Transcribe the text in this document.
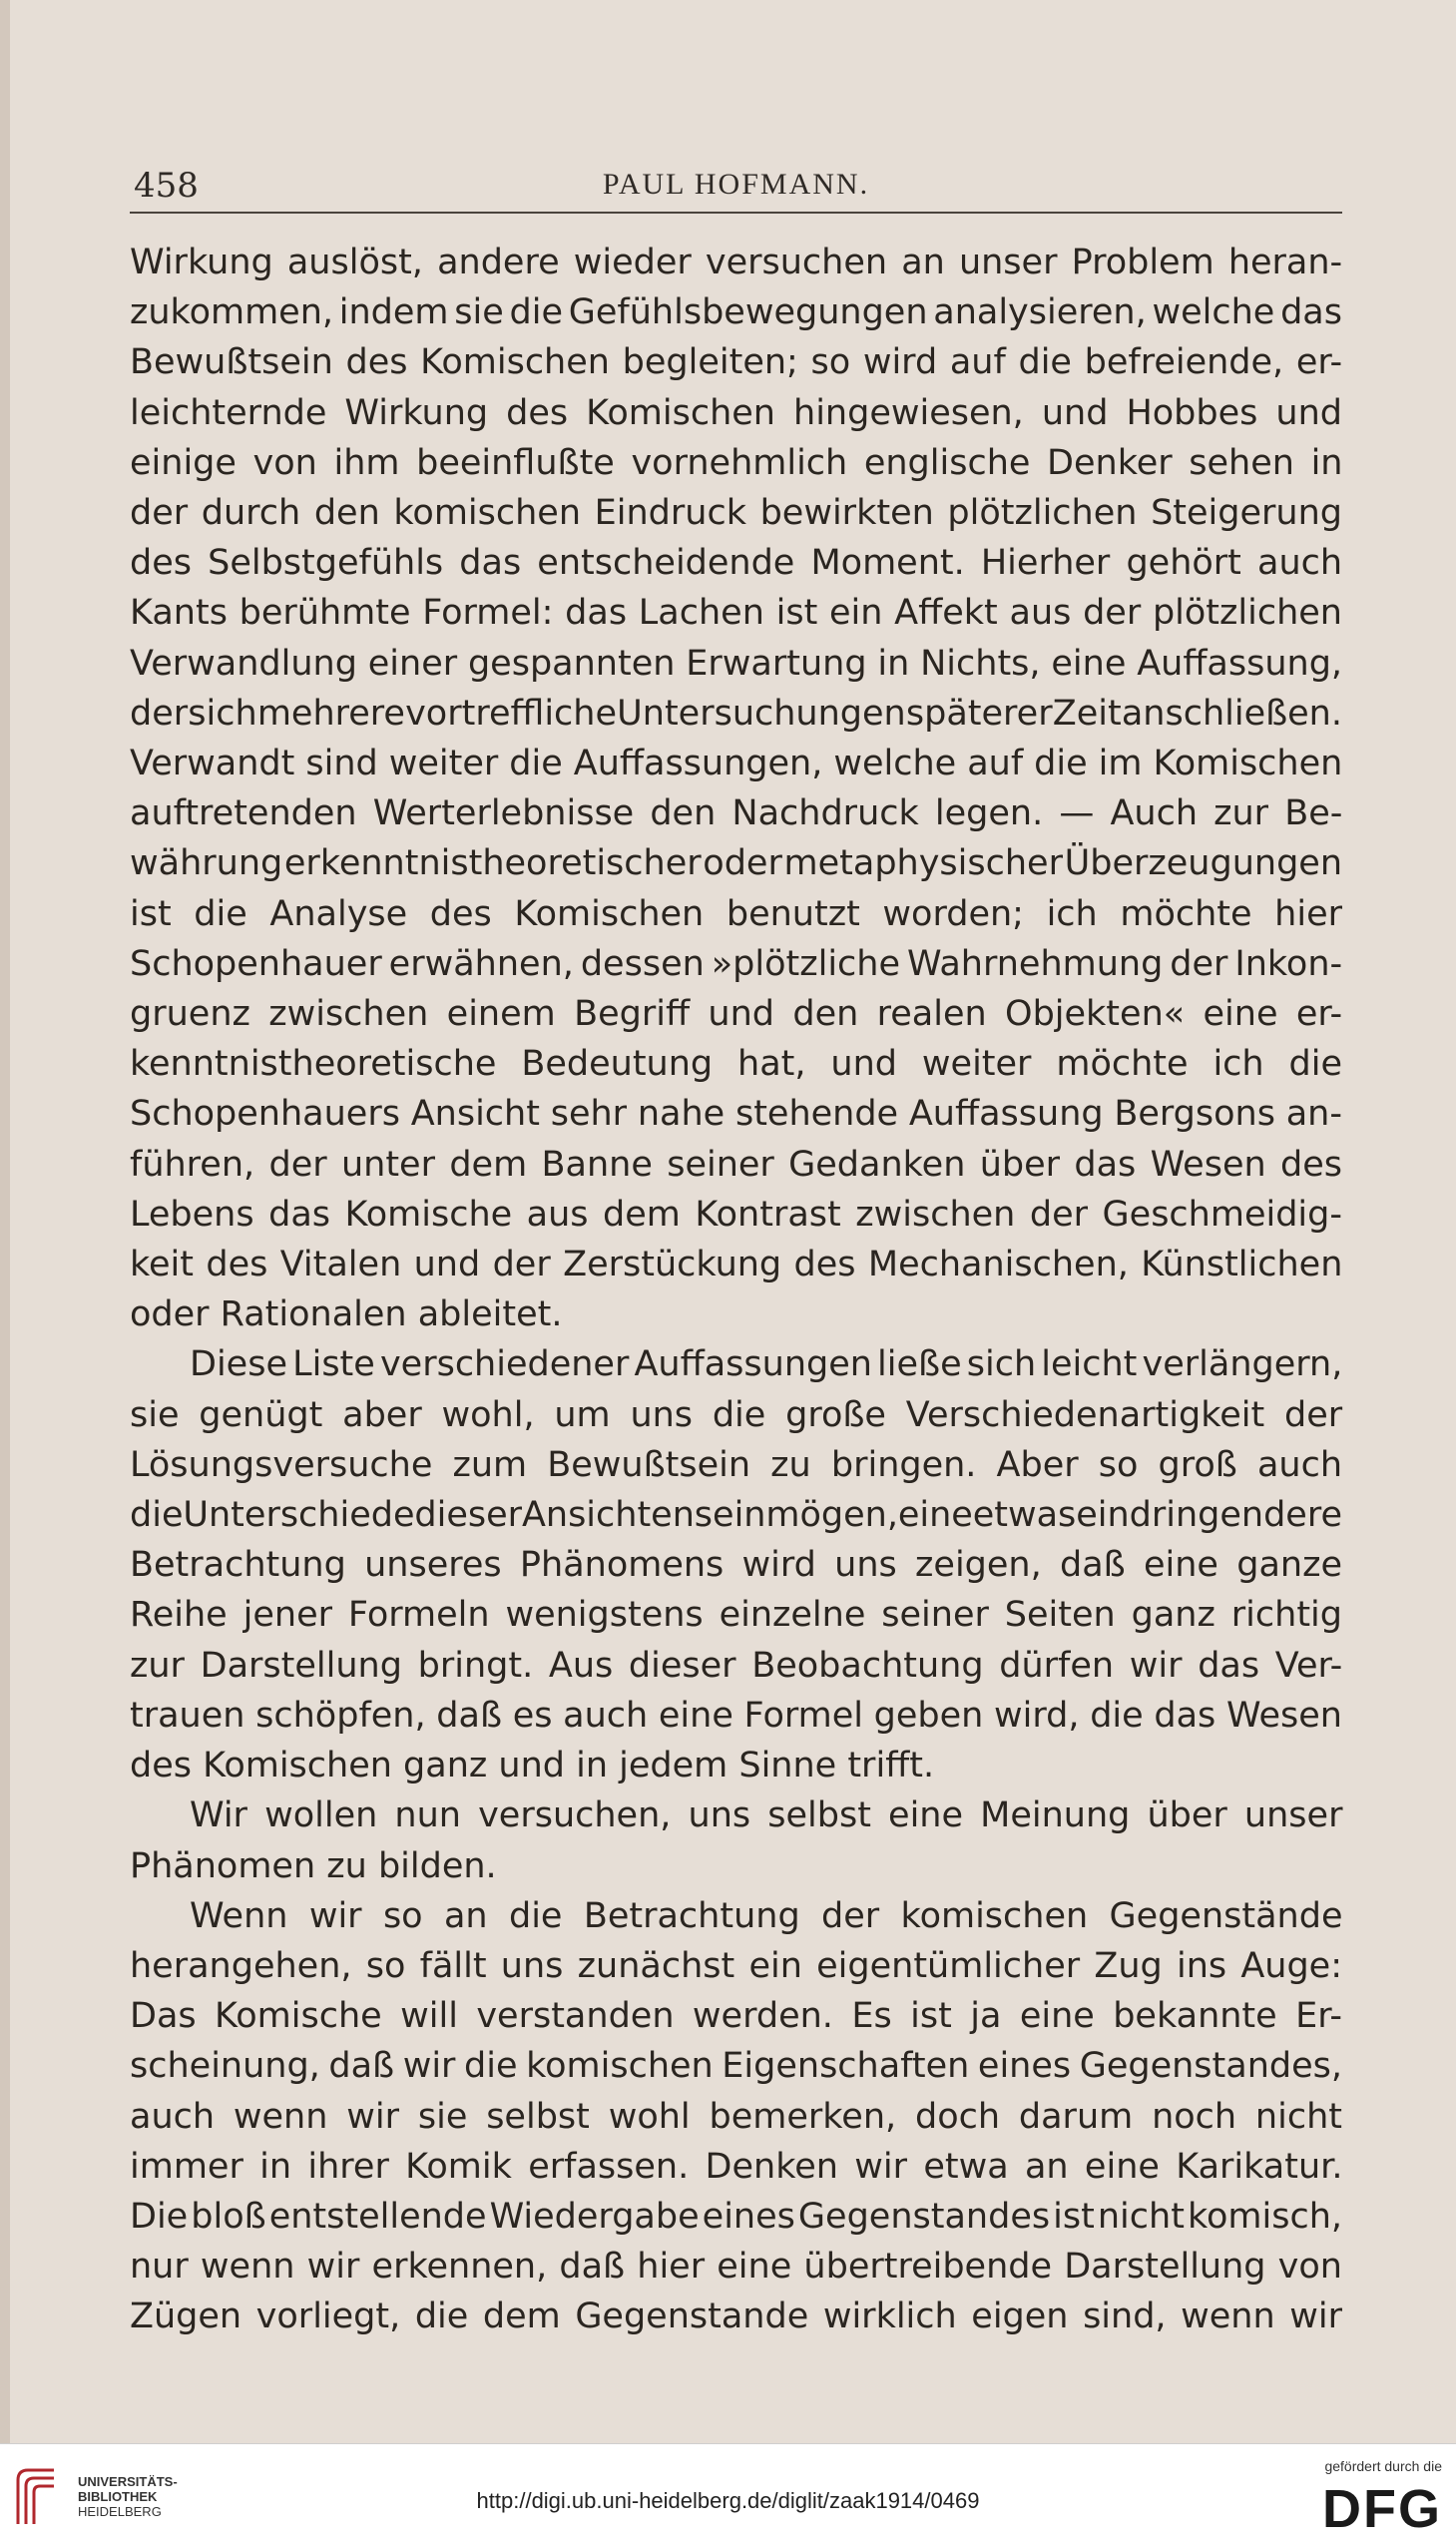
458	PAUL HOFMANN.

Wirkung auslöst, andere wieder versuchen an unser Problem heran-
zukommen, indem sie die Gefühlsbewegungen analysieren, welche das
Bewußtsein des Komischen begleiten; so wird auf die befreiende, er-
leichternde Wirkung des Komischen hingewiesen, und Hobbes und
einige von ihm beeinflußte vornehmlich englische Denker sehen in
der durch den komischen Eindruck bewirkten plötzlichen Steigerung
des Selbstgefühls das entscheidende Moment. Hierher gehört auch
Kants berühmte Formel: das Lachen ist ein Affekt aus der plötzlichen
Verwandlung einer gespannten Erwartung in Nichts, eine Auffassung,
der sich mehrere vortreffliche Untersuchungen späterer Zeit anschließen.
Verwandt sind weiter die Auffassungen, welche auf die im Komischen
auftretenden Werterlebnisse den Nachdruck legen. — Auch zur Be-
währung erkenntnistheoretischer oder metaphysischer Überzeugungen
ist die Analyse des Komischen benutzt worden; ich möchte hier
Schopenhauer erwähnen, dessen »plötzliche Wahrnehmung der Inkon-
gruenz zwischen einem Begriff und den realen Objekten« eine er-
kenntnistheoretische Bedeutung hat, und weiter möchte ich die
Schopenhauers Ansicht sehr nahe stehende Auffassung Bergsons an-
führen, der unter dem Banne seiner Gedanken über das Wesen des
Lebens das Komische aus dem Kontrast zwischen der Geschmeidig-
keit des Vitalen und der Zerstückung des Mechanischen, Künstlichen
oder Rationalen ableitet.

Diese Liste verschiedener Auffassungen ließe sich leicht verlängern,
sie genügt aber wohl, um uns die große Verschiedenartigkeit der
Lösungsversuche zum Bewußtsein zu bringen. Aber so groß auch
die Unterschiede dieser Ansichten sein mögen, eine etwas eindringendere
Betrachtung unseres Phänomens wird uns zeigen, daß eine ganze
Reihe jener Formeln wenigstens einzelne seiner Seiten ganz richtig
zur Darstellung bringt. Aus dieser Beobachtung dürfen wir das Ver-
trauen schöpfen, daß es auch eine Formel geben wird, die das Wesen
des Komischen ganz und in jedem Sinne trifft.

Wir wollen nun versuchen, uns selbst eine Meinung über unser
Phänomen zu bilden.

Wenn wir so an die Betrachtung der komischen Gegenstände
herangehen, so fällt uns zunächst ein eigentümlicher Zug ins Auge:
Das Komische will verstanden werden. Es ist ja eine bekannte Er-
scheinung, daß wir die komischen Eigenschaften eines Gegenstandes,
auch wenn wir sie selbst wohl bemerken, doch darum noch nicht
immer in ihrer Komik erfassen. Denken wir etwa an eine Karikatur.
Die bloß entstellende Wiedergabe eines Gegenstandes ist nicht komisch,
nur wenn wir erkennen, daß hier eine übertreibende Darstellung von
Zügen vorliegt, die dem Gegenstande wirklich eigen sind, wenn wir

UNIVERSITÄTS-
BIBLIOTHEK
HEIDELBERG	http://digi.ub.uni-heidelberg.de/diglit/zaak1914/0469
gefördert durch die
DFG
